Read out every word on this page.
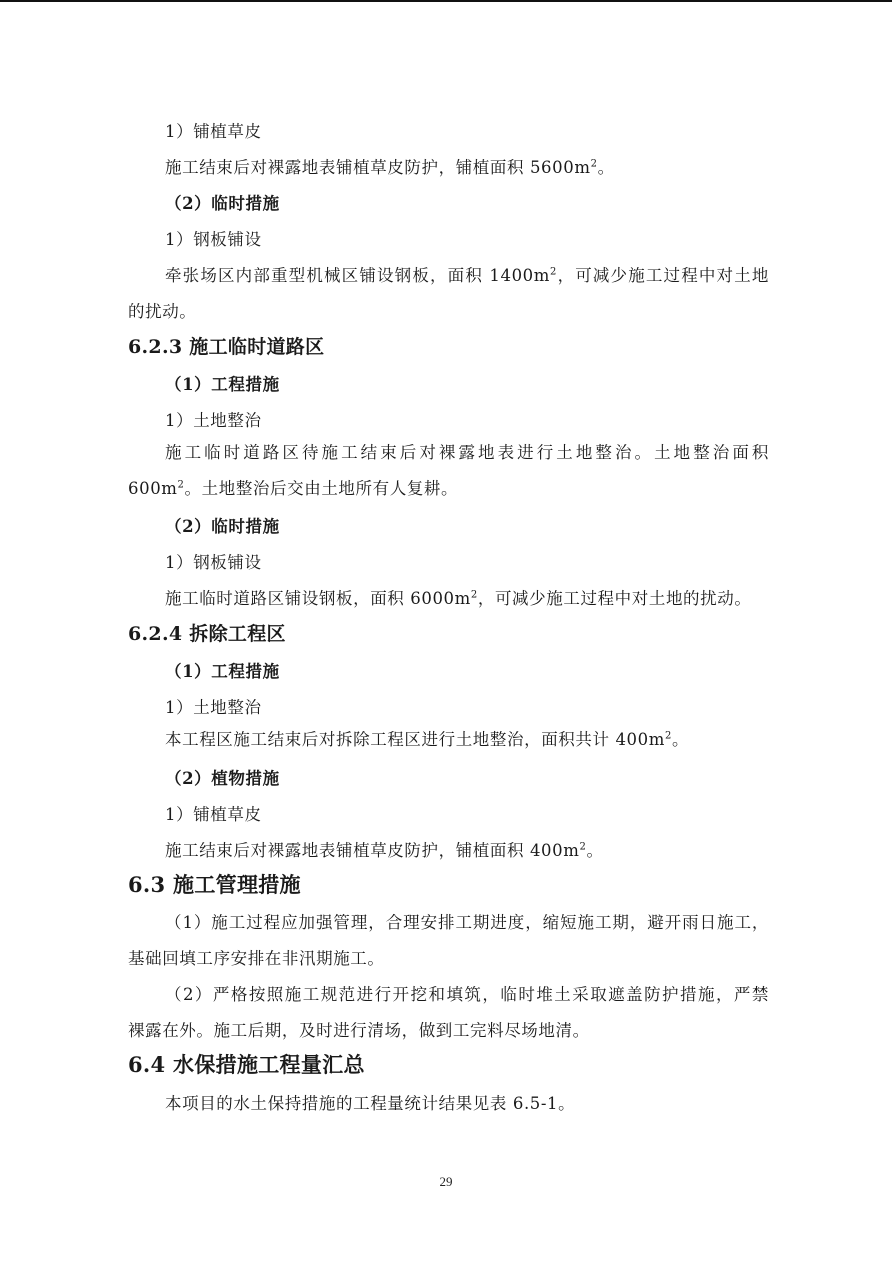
1）铺植草皮
施工结束后对裸露地表铺植草皮防护，铺植面积 $5600m^2$。
（2）临时措施
1）钢板铺设
牵张场区内部重型机械区铺设钢板，面积 $1400m^2$，可减少施工过程中对土地
的扰动。
6.2.3 施工临时道路区
（1）工程措施
1）土地整治
施工临时道路区待施工结束后对裸露地表进行土地整治。土地整治面积
$600m^2$。土地整治后交由土地所有人复耕。
（2）临时措施
1）钢板铺设
施工临时道路区铺设钢板，面积 $6000m^2$，可减少施工过程中对土地的扰动。
6.2.4 拆除工程区
（1）工程措施
1）土地整治
本工程区施工结束后对拆除工程区进行土地整治，面积共计 $400m^2$。
（2）植物措施
1）铺植草皮
施工结束后对裸露地表铺植草皮防护，铺植面积 $400m^2$。
6.3 施工管理措施
（1）施工过程应加强管理，合理安排工期进度，缩短施工期，避开雨日施工，
基础回填工序安排在非汛期施工。
（2）严格按照施工规范进行开挖和填筑，临时堆土采取遮盖防护措施，严禁
裸露在外。施工后期，及时进行清场，做到工完料尽场地清。
6.4 水保措施工程量汇总
本项目的水土保持措施的工程量统计结果见表 6.5-1。
29
